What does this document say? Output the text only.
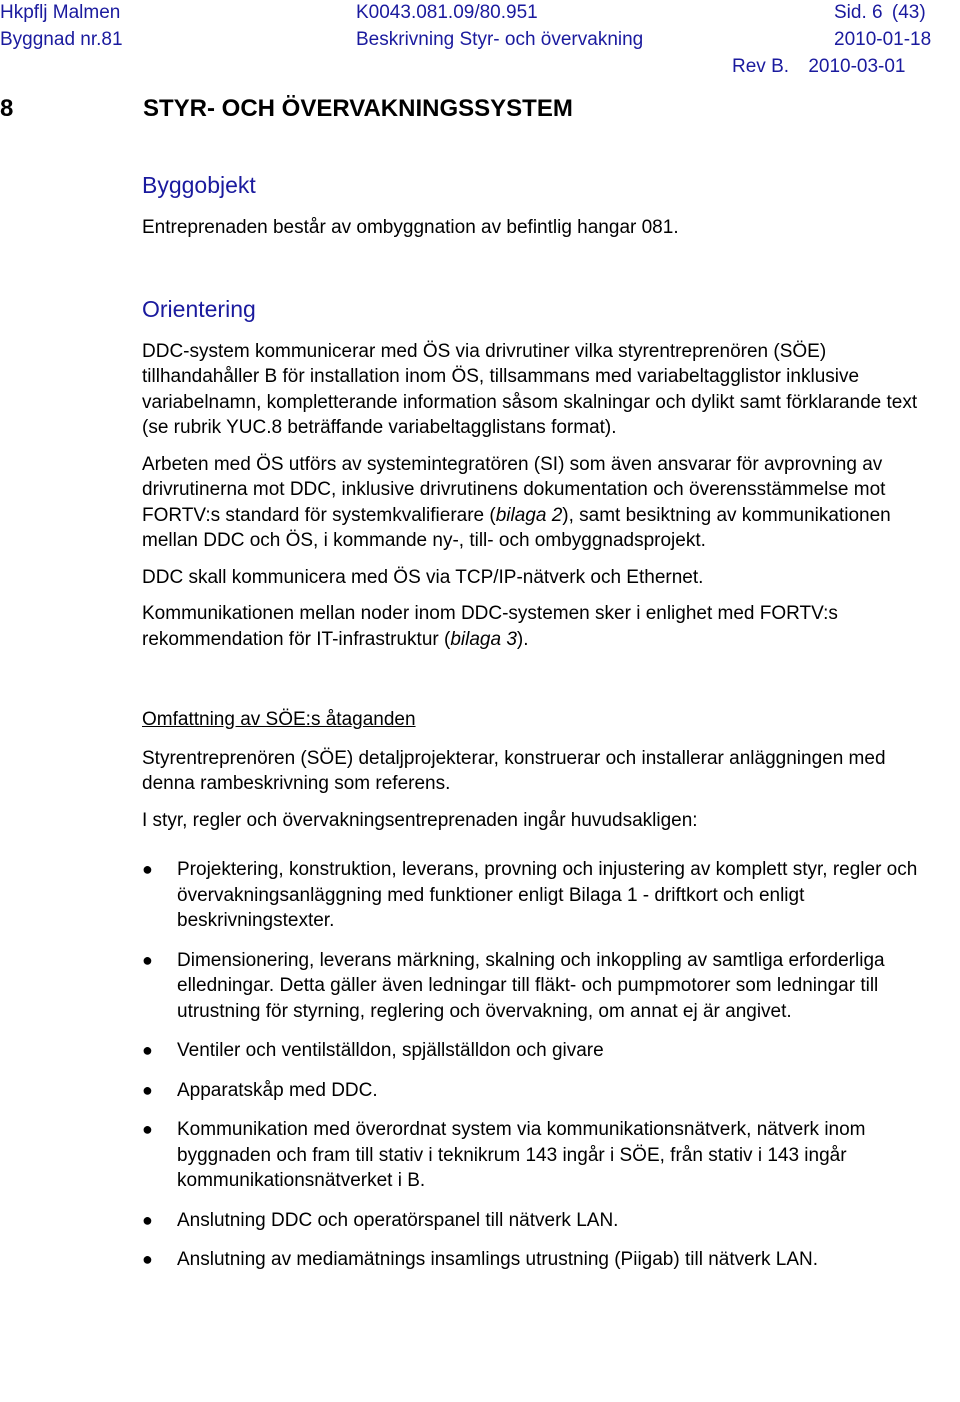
Hkpflj Malmen	K0043.081.09/80.951	Sid. 6 (43)
Byggnad nr.81	Beskrivning Styr- och övervakning	2010-01-18
Rev B. 2010-03-01
8	STYR- OCH ÖVERVAKNINGSSYSTEM
Byggobjekt

Entreprenaden består av ombyggnation av befintlig hangar 081.

Orientering

DDC-system kommunicerar med ÖS via drivrutiner vilka styrentreprenören (SÖE) tillhandahåller B för installation inom ÖS, tillsammans med variabeltagglistor inklusive variabelnamn, kompletterande information såsom skalningar och dylikt samt förklarande text (se rubrik YUC.8 beträffande variabeltagglistans format).

Arbeten med ÖS utförs av systemintegratören (SI) som även ansvarar för avprovning av drivrutinerna mot DDC, inklusive drivrutinens dokumentation och överensstämmelse mot FORTV:s standard för systemkvalifierare (bilaga 2), samt besiktning av kommunikationen mellan DDC och ÖS, i kommande ny-, till- och ombyggnadsprojekt.

DDC skall kommunicera med ÖS via TCP/IP-nätverk och Ethernet.

Kommunikationen mellan noder inom DDC-systemen sker i enlighet med FORTV:s rekommendation för IT-infrastruktur (bilaga 3).

Omfattning av SÖE:s åtaganden

Styrentreprenören (SÖE) detaljprojekterar, konstruerar och installerar anläggningen med denna rambeskrivning som referens.

I styr, regler och övervakningsentreprenaden ingår huvudsakligen:

● Projektering, konstruktion, leverans, provning och injustering av komplett styr, regler och övervakningsanläggning med funktioner enligt Bilaga 1 - driftkort och enligt beskrivningstexter.
● Dimensionering, leverans märkning, skalning och inkoppling av samtliga erforderliga elledningar. Detta gäller även ledningar till fläkt- och pumpmotorer som ledningar till utrustning för styrning, reglering och övervakning, om annat ej är angivet.
● Ventiler och ventilställdon, spjällställdon och givare
● Apparatskåp med DDC.
● Kommunikation med överordnat system via kommunikationsnätverk, nätverk inom byggnaden och fram till stativ i teknikrum 143 ingår i SÖE, från stativ i 143 ingår kommunikationsnätverket i B.
● Anslutning DDC och operatörspanel till nätverk LAN.
● Anslutning av mediamätnings insamlings utrustning (Piigab) till nätverk LAN.
